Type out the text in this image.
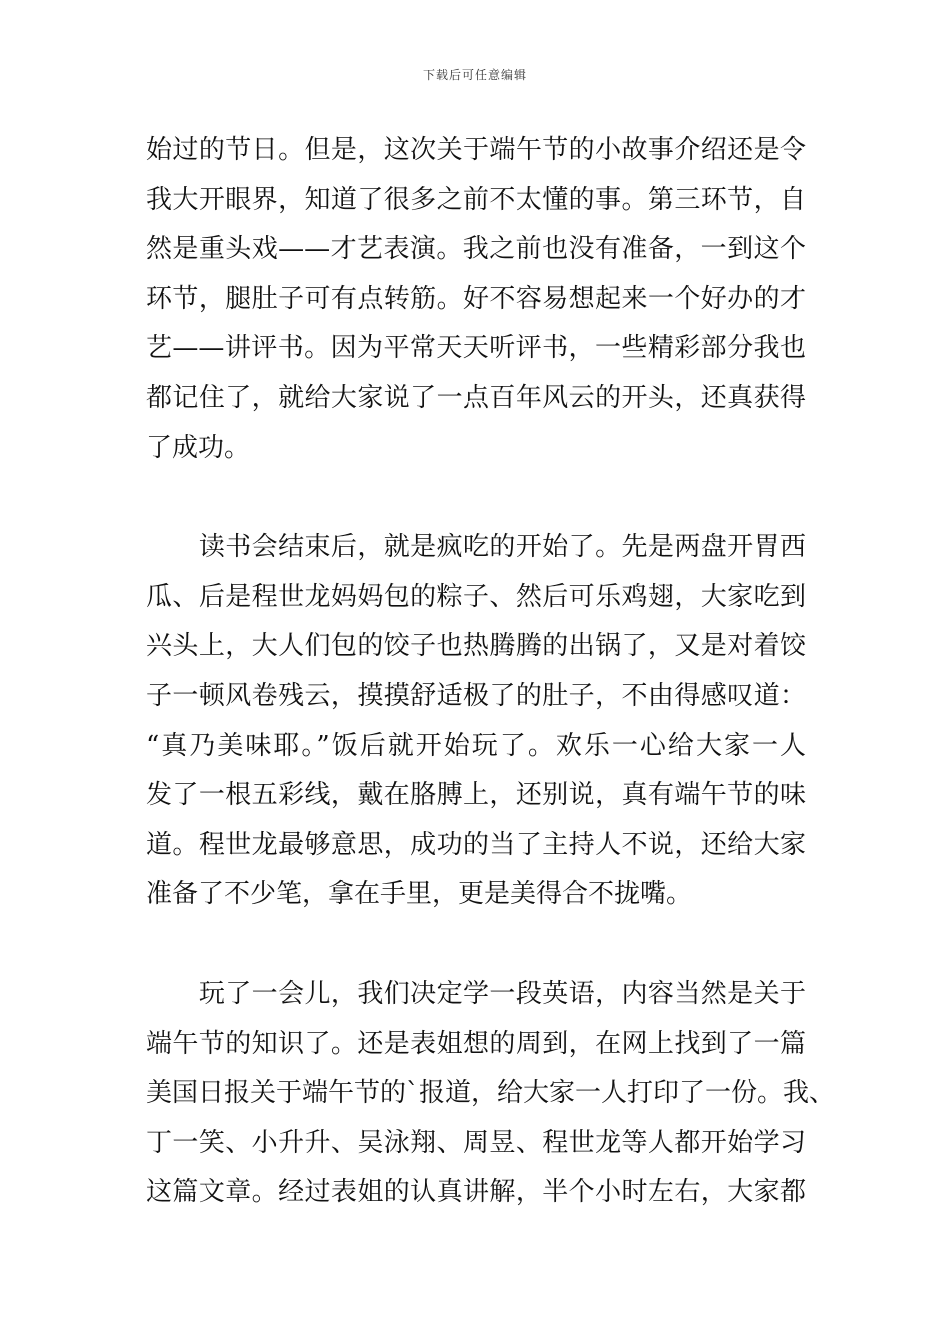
下载后可任意编辑
始过的节日。但是，这次关于端午节的小故事介绍还是令
我大开眼界，知道了很多之前不太懂的事。第三环节，自
然是重头戏——才艺表演。我之前也没有准备，一到这个
环节，腿肚子可有点转筋。好不容易想起来一个好办的才
艺——讲评书。因为平常天天听评书，一些精彩部分我也
都记住了，就给大家说了一点百年风云的开头，还真获得
了成功。
　　读书会结束后，就是疯吃的开始了。先是两盘开胃西
瓜、后是程世龙妈妈包的粽子、然后可乐鸡翅，大家吃到
兴头上，大人们包的饺子也热腾腾的出锅了，又是对着饺
子一顿风卷残云，摸摸舒适极了的肚子，不由得感叹道：
“真乃美味耶。”饭后就开始玩了。欢乐一心给大家一人
发了一根五彩线，戴在胳膊上，还别说，真有端午节的味
道。程世龙最够意思，成功的当了主持人不说，还给大家
准备了不少笔，拿在手里，更是美得合不拢嘴。
　　玩了一会儿，我们决定学一段英语，内容当然是关于
端午节的知识了。还是表姐想的周到，在网上找到了一篇
美国日报关于端午节的`报道，给大家一人打印了一份。我、
丁一笑、小升升、吴泳翔、周昱、程世龙等人都开始学习
这篇文章。经过表姐的认真讲解，半个小时左右，大家都
